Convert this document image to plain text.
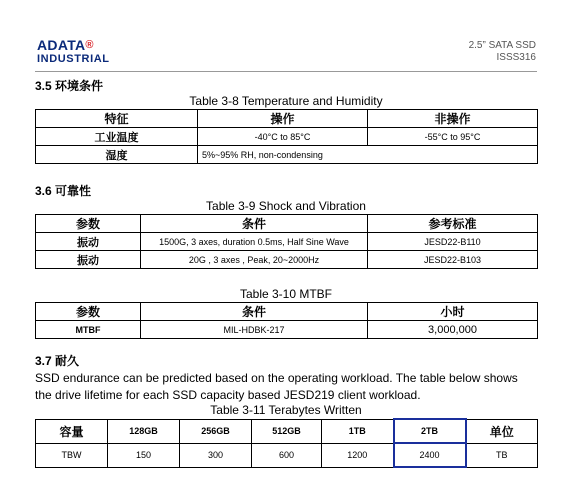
ADATA®
INDUSTRIAL
2.5” SATA SSD
ISSS316
3.5 环境条件
Table 3-8 Temperature and Humidity
特征	操作	非操作
工业温度	-40°C to 85°C	-55°C to 95°C
湿度	5%~95% RH, non-condensing	
3.6 可靠性
Table 3-9 Shock and Vibration
参数	条件	参考标准
振动	1500G, 3 axes, duration 0.5ms, Half Sine Wave	JESD22-B110
振动	20G , 3 axes , Peak, 20~2000Hz	JESD22-B103
Table 3-10 MTBF
参数	条件	小时
MTBF	MIL-HDBK-217	3,000,000
3.7 耐久
SSD endurance can be predicted based on the operating workload. The table below shows the drive lifetime for each SSD capacity based JESD219 client workload.
Table 3-11 Terabytes Written
容量	128GB	256GB	512GB	1TB	2TB	单位
TBW	150	300	600	1200	2400	TB
